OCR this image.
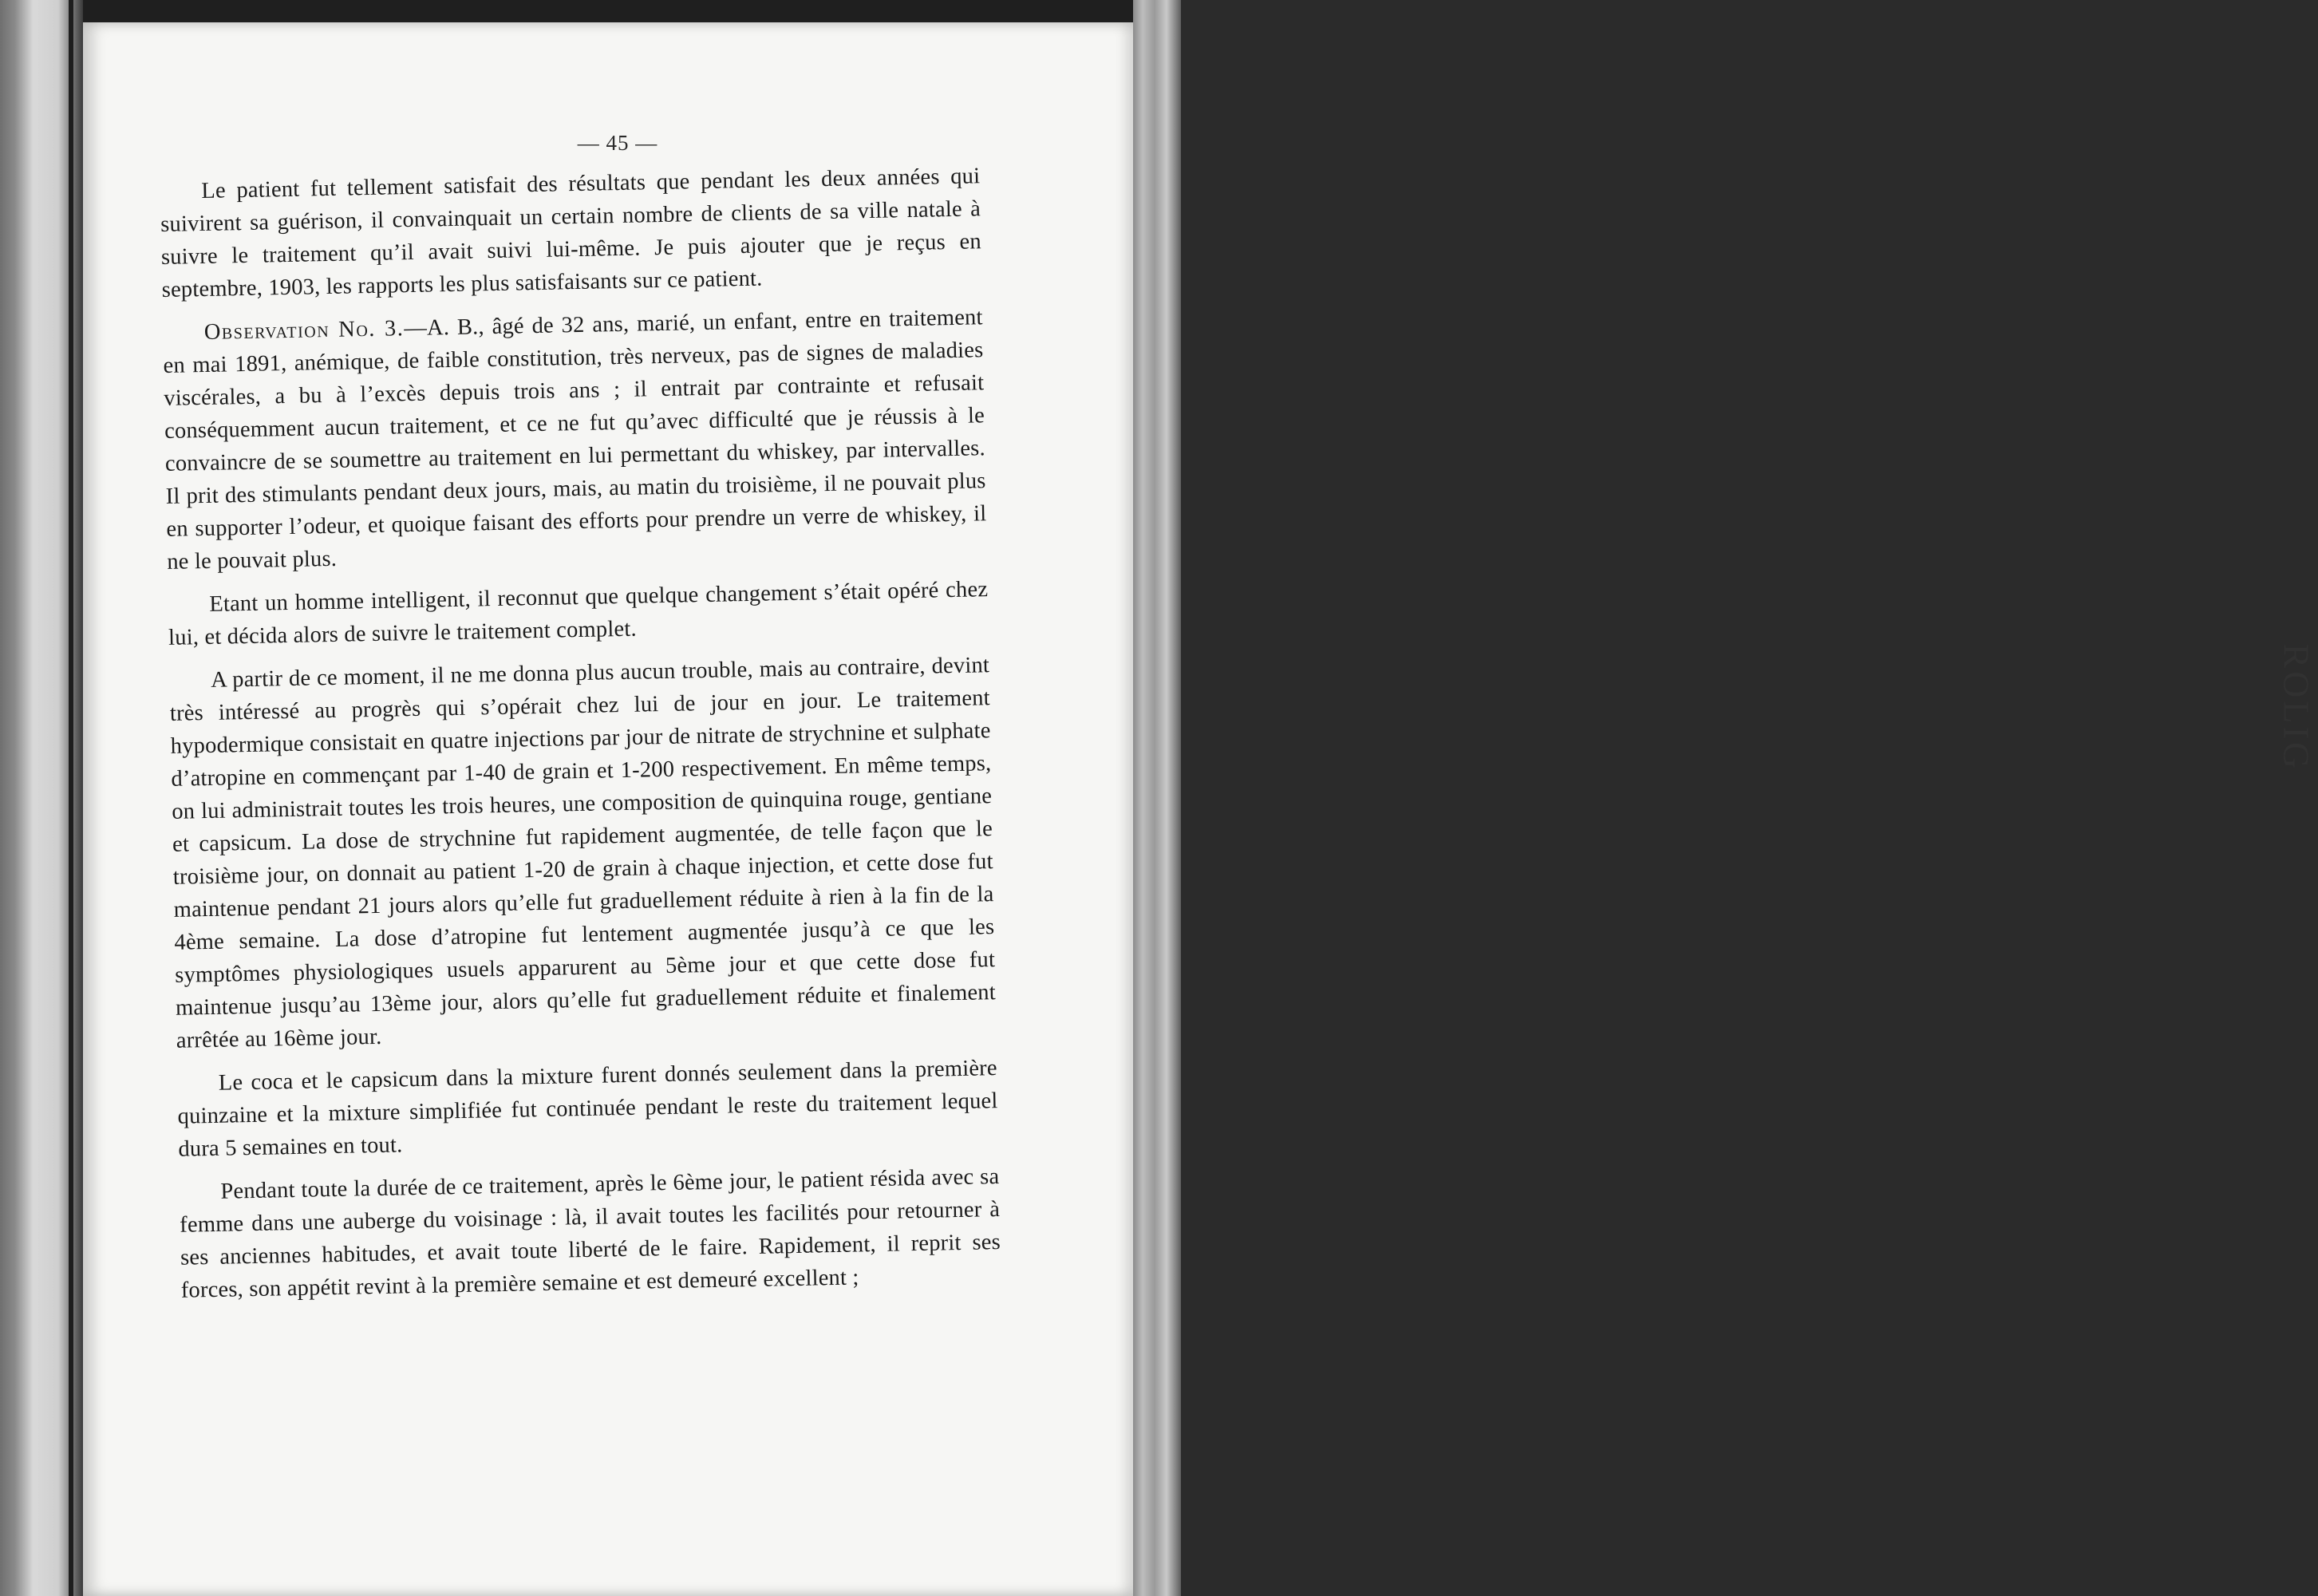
ROLIG
— 45 —

Le patient fut tellement satisfait des résultats que pendant les deux années qui suivirent sa guérison, il convainquait un certain nombre de clients de sa ville natale à suivre le traitement qu’il avait suivi lui-même. Je puis ajouter que je reçus en septembre, 1903, les rapports les plus satisfaisants sur ce patient.

Observation No. 3.—A. B., âgé de 32 ans, marié, un enfant, entre en traitement en mai 1891, anémique, de faible constitution, très nerveux, pas de signes de maladies viscérales, a bu à l’excès depuis trois ans ; il entrait par contrainte et refusait conséquemment aucun traitement, et ce ne fut qu’avec difficulté que je réussis à le convaincre de se soumettre au traitement en lui permettant du whiskey, par intervalles. Il prit des stimulants pendant deux jours, mais, au matin du troisième, il ne pouvait plus en supporter l’odeur, et quoique faisant des efforts pour prendre un verre de whiskey, il ne le pouvait plus.

Etant un homme intelligent, il reconnut que quelque changement s’était opéré chez lui, et décida alors de suivre le traitement complet.

A partir de ce moment, il ne me donna plus aucun trouble, mais au contraire, devint très intéressé au progrès qui s’opérait chez lui de jour en jour. Le traitement hypodermique consistait en quatre injections par jour de nitrate de strychnine et sulphate d’atropine en commençant par 1-40 de grain et 1-200 respectivement. En même temps, on lui administrait toutes les trois heures, une composition de quinquina rouge, gentiane et capsicum. La dose de strychnine fut rapidement augmentée, de telle façon que le troisième jour, on donnait au patient 1-20 de grain à chaque injection, et cette dose fut maintenue pendant 21 jours alors qu’elle fut graduellement réduite à rien à la fin de la 4ème semaine. La dose d’atropine fut lentement augmentée jusqu’à ce que les symptômes physiologiques usuels apparurent au 5ème jour et que cette dose fut maintenue jusqu’au 13ème jour, alors qu’elle fut graduellement réduite et finalement arrêtée au 16ème jour.

Le coca et le capsicum dans la mixture furent donnés seulement dans la première quinzaine et la mixture simplifiée fut continuée pendant le reste du traitement lequel dura 5 semaines en tout.

Pendant toute la durée de ce traitement, après le 6ème jour, le patient résida avec sa femme dans une auberge du voisinage : là, il avait toutes les facilités pour retourner à ses anciennes habitudes, et avait toute liberté de le faire. Rapidement, il reprit ses forces, son appétit revint à la première semaine et est demeuré excellent ;
